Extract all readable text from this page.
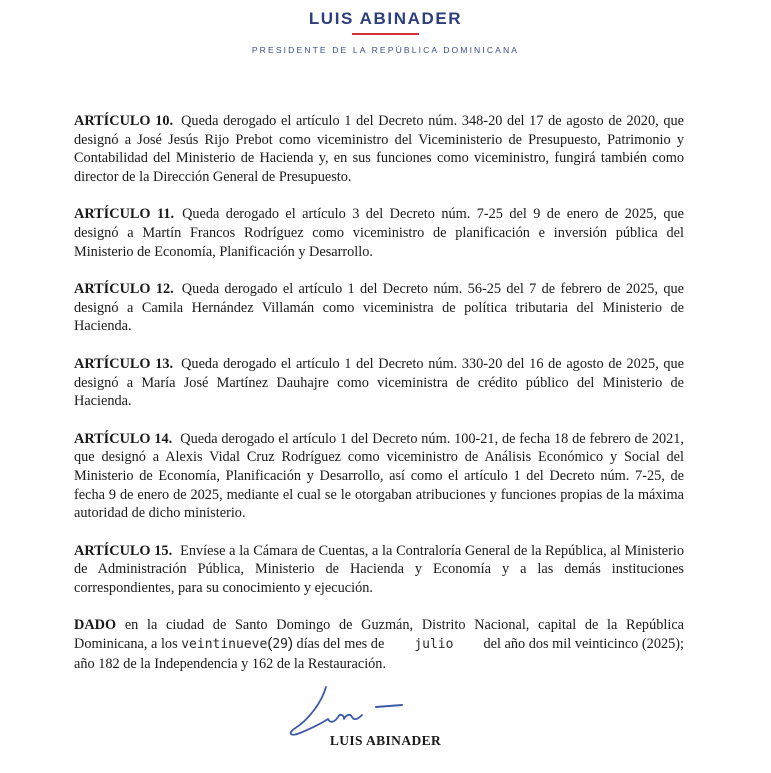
LUIS ABINADER
PRESIDENTE DE LA REPÚBLICA DOMINICANA

ARTÍCULO 10. Queda derogado el artículo 1 del Decreto núm. 348-20 del 17 de agosto de 2020, que designó a José Jesús Rijo Prebot como viceministro del Viceministerio de Presupuesto, Patrimonio y Contabilidad del Ministerio de Hacienda y, en sus funciones como viceministro, fungirá también como director de la Dirección General de Presupuesto.

ARTÍCULO 11. Queda derogado el artículo 3 del Decreto núm. 7-25 del 9 de enero de 2025, que designó a Martín Francos Rodríguez como viceministro de planificación e inversión pública del Ministerio de Economía, Planificación y Desarrollo.

ARTÍCULO 12. Queda derogado el artículo 1 del Decreto núm. 56-25 del 7 de febrero de 2025, que designó a Camila Hernández Villamán como viceministra de política tributaria del Ministerio de Hacienda.

ARTÍCULO 13. Queda derogado el artículo 1 del Decreto núm. 330-20 del 16 de agosto de 2025, que designó a María José Martínez Dauhajre como viceministra de crédito público del Ministerio de Hacienda.

ARTÍCULO 14. Queda derogado el artículo 1 del Decreto núm. 100-21, de fecha 18 de febrero de 2021, que designó a Alexis Vidal Cruz Rodríguez como viceministro de Análisis Económico y Social del Ministerio de Economía, Planificación y Desarrollo, así como el artículo 1 del Decreto núm. 7-25, de fecha 9 de enero de 2025, mediante el cual se le otorgaban atribuciones y funciones propias de la máxima autoridad de dicho ministerio.

ARTÍCULO 15. Envíese a la Cámara de Cuentas, a la Contraloría General de la República, al Ministerio de Administración Pública, Ministerio de Hacienda y Economía y a las demás instituciones correspondientes, para su conocimiento y ejecución.

DADO en la ciudad de Santo Domingo de Guzmán, Distrito Nacional, capital de la República Dominicana, a los veintinueve(29) días del mes de julio del año dos mil veinticinco (2025); año 182 de la Independencia y 162 de la Restauración.

LUIS ABINADER
